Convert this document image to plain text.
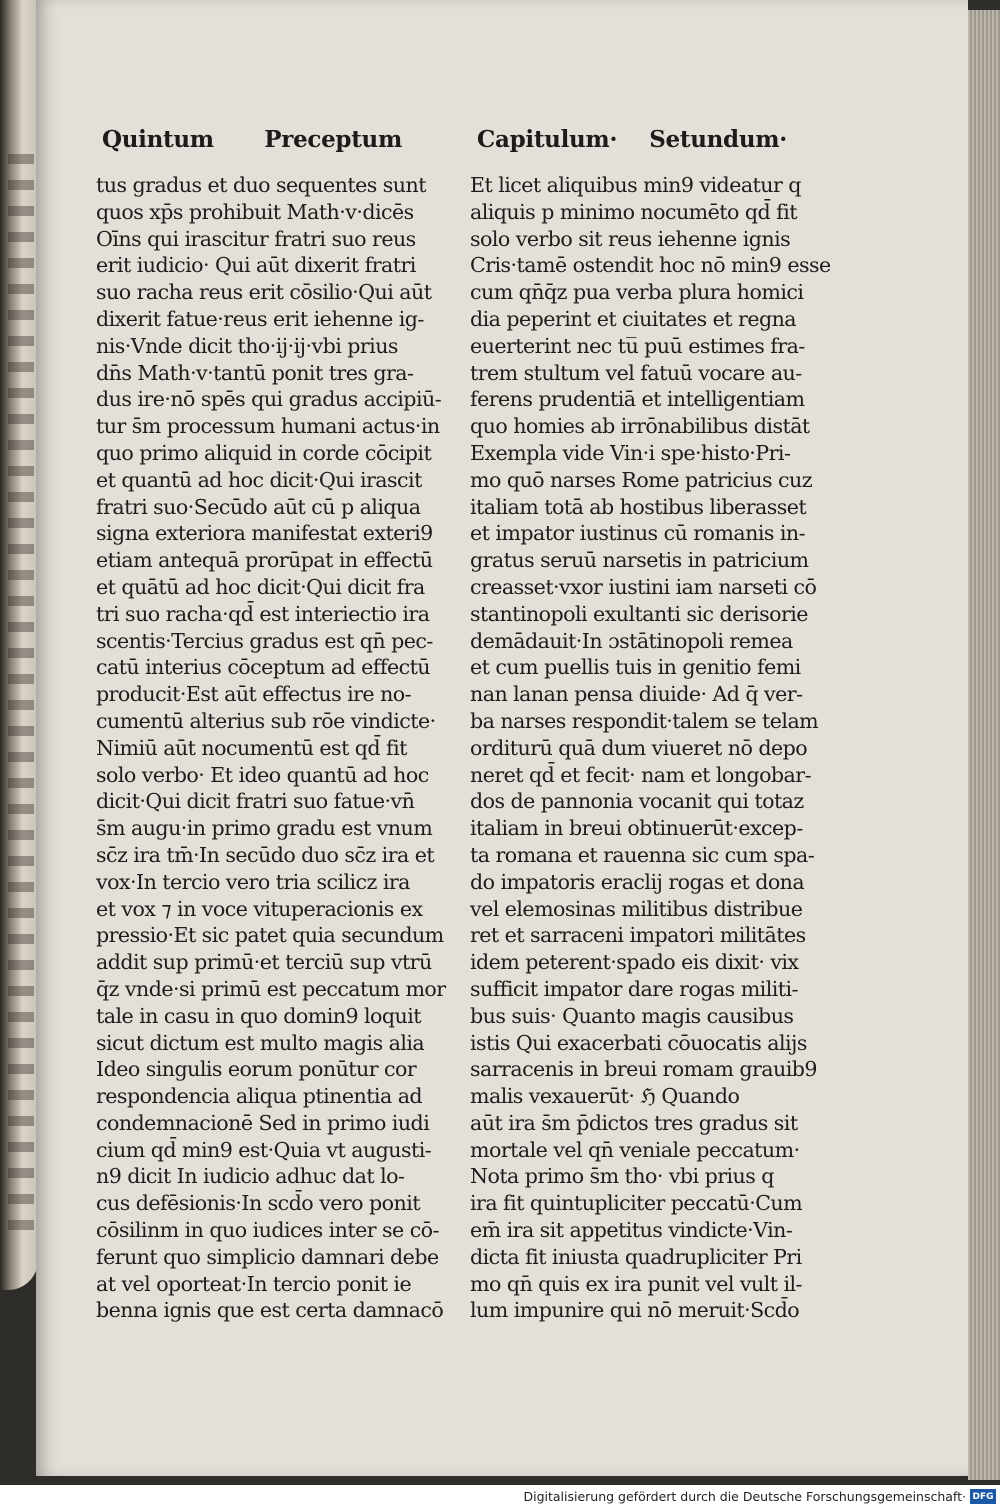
Quintum Preceptum	Capitulum· Setundum·
tus gradus et duo sequentes sunt
quos xp̄s prohibuit Math·v·dicēs
Oīns qui irascitur fratri suo reus
erit iudicio· Qui aūt dixerit fratri
suo racha reus erit cōsilio·Qui aūt
dixerit fatue·reus erit iehenne ig-
nis·Vnde dicit tho·ij·ij·vbi prius
dn̄s Math·v·tantū ponit tres gra-
dus ire·nō spēs qui gradus accipiū-
tur s̄m processum humani actus·in
quo primo aliquid in corde cōcipit
et quantū ad hoc dicit·Qui irascit
fratri suo·Secūdo aūt cū p aliqua
signa exteriora manifestat exteri9
etiam antequā prorūpat in effectū
et quātū ad hoc dicit·Qui dicit fra
tri suo racha·qd̄ est interiectio ira
scentis·Tercius gradus est qn̄ pec-
catū interius cōceptum ad effectū
producit·Est aūt effectus ire no-
cumentū alterius sub rōe vindicte·
Nimiū aūt nocumentū est qd̄ fit
solo verbo· Et ideo quantū ad hoc
dicit·Qui dicit fratri suo fatue·vn̄
s̄m augu·in primo gradu est vnum
sc̄z ira tm̄·In secūdo duo sc̄z ira et
vox·In tercio vero tria scilicz ira
et vox ⁊ in voce vituperacionis ex
pressio·Et sic patet quia secundum
addit sup primū·et terciū sup vtrū
q̄z vnde·si primū est peccatum mor
tale in casu in quo domin9 loquit
sicut dictum est multo magis alia
Ideo singulis eorum ponūtur cor
respondencia aliqua ptinentia ad
condemnacionē Sed in primo iudi
cium qd̄ min9 est·Quia vt augusti-
n9 dicit In iudicio adhuc dat lo-
cus defēsionis·In scd̄o vero ponit
cōsilinm in quo iudices inter se cō-
ferunt quo simplicio damnari debe
at vel oporteat·In tercio ponit ie
benna ignis que est certa damnacō
Et licet aliquibus min9 videatur q
aliquis p minimo nocumēto qd̄ fit
solo verbo sit reus iehenne ignis
Cris·tamē ostendit hoc nō min9 esse
cum qn̄q̄z pua verba plura homici
dia peperint et ciuitates et regna
euerterint nec tu̅ puū estimes fra-
trem stultum vel fatuū vocare au-
ferens prudentiā et intelligentiam
quo homies ab irrōnabilibus distāt
Exempla vide Vin·i spe·histo·Pri-
mo quō narses Rome patricius cuz
italiam totā ab hostibus liberasset
et impator iustinus cū romanis in-
gratus seruū narsetis in patricium
creasset·vxor iustini iam narseti cō
stantinopoli exultanti sic derisorie
demādauit·In ɔstātinopoli remea
et cum puellis tuis in genitio femi
nan lanan pensa diuide· Ad q̄ ver-
ba narses respondit·talem se telam
orditurū quā dum viueret nō depo
neret qd̄ et fecit· nam et longobar-
dos de pannonia vocanit qui totaz
italiam in breui obtinuerūt·excep-
ta romana et rauenna sic cum spa-
do impatoris eraclij rogas et dona
vel elemosinas militibus distribue
ret et sarraceni impatori militātes
idem peterent·spado eis dixit· vix
sufficit impator dare rogas militi-
bus suis· Quanto magis causibus
istis Qui exacerbati cōuocatis alijs
sarracenis in breui romam grauib9
malis vexauerūt· ℌ Quando
aūt ira s̄m p̄dictos tres gradus sit
mortale vel qn̄ veniale peccatum·
Nota primo s̄m tho· vbi prius q
ira fit quintupliciter peccatū·Cum
em̄ ira sit appetitus vindicte·Vin-
dicta fit iniusta quadrupliciter Pri
mo qn̄ quis ex ira punit vel vult il-
lum impunire qui nō meruit·Scd̄o
Digitalisierung gefördert durch die Deutsche Forschungsgemeinschaft· DFG
